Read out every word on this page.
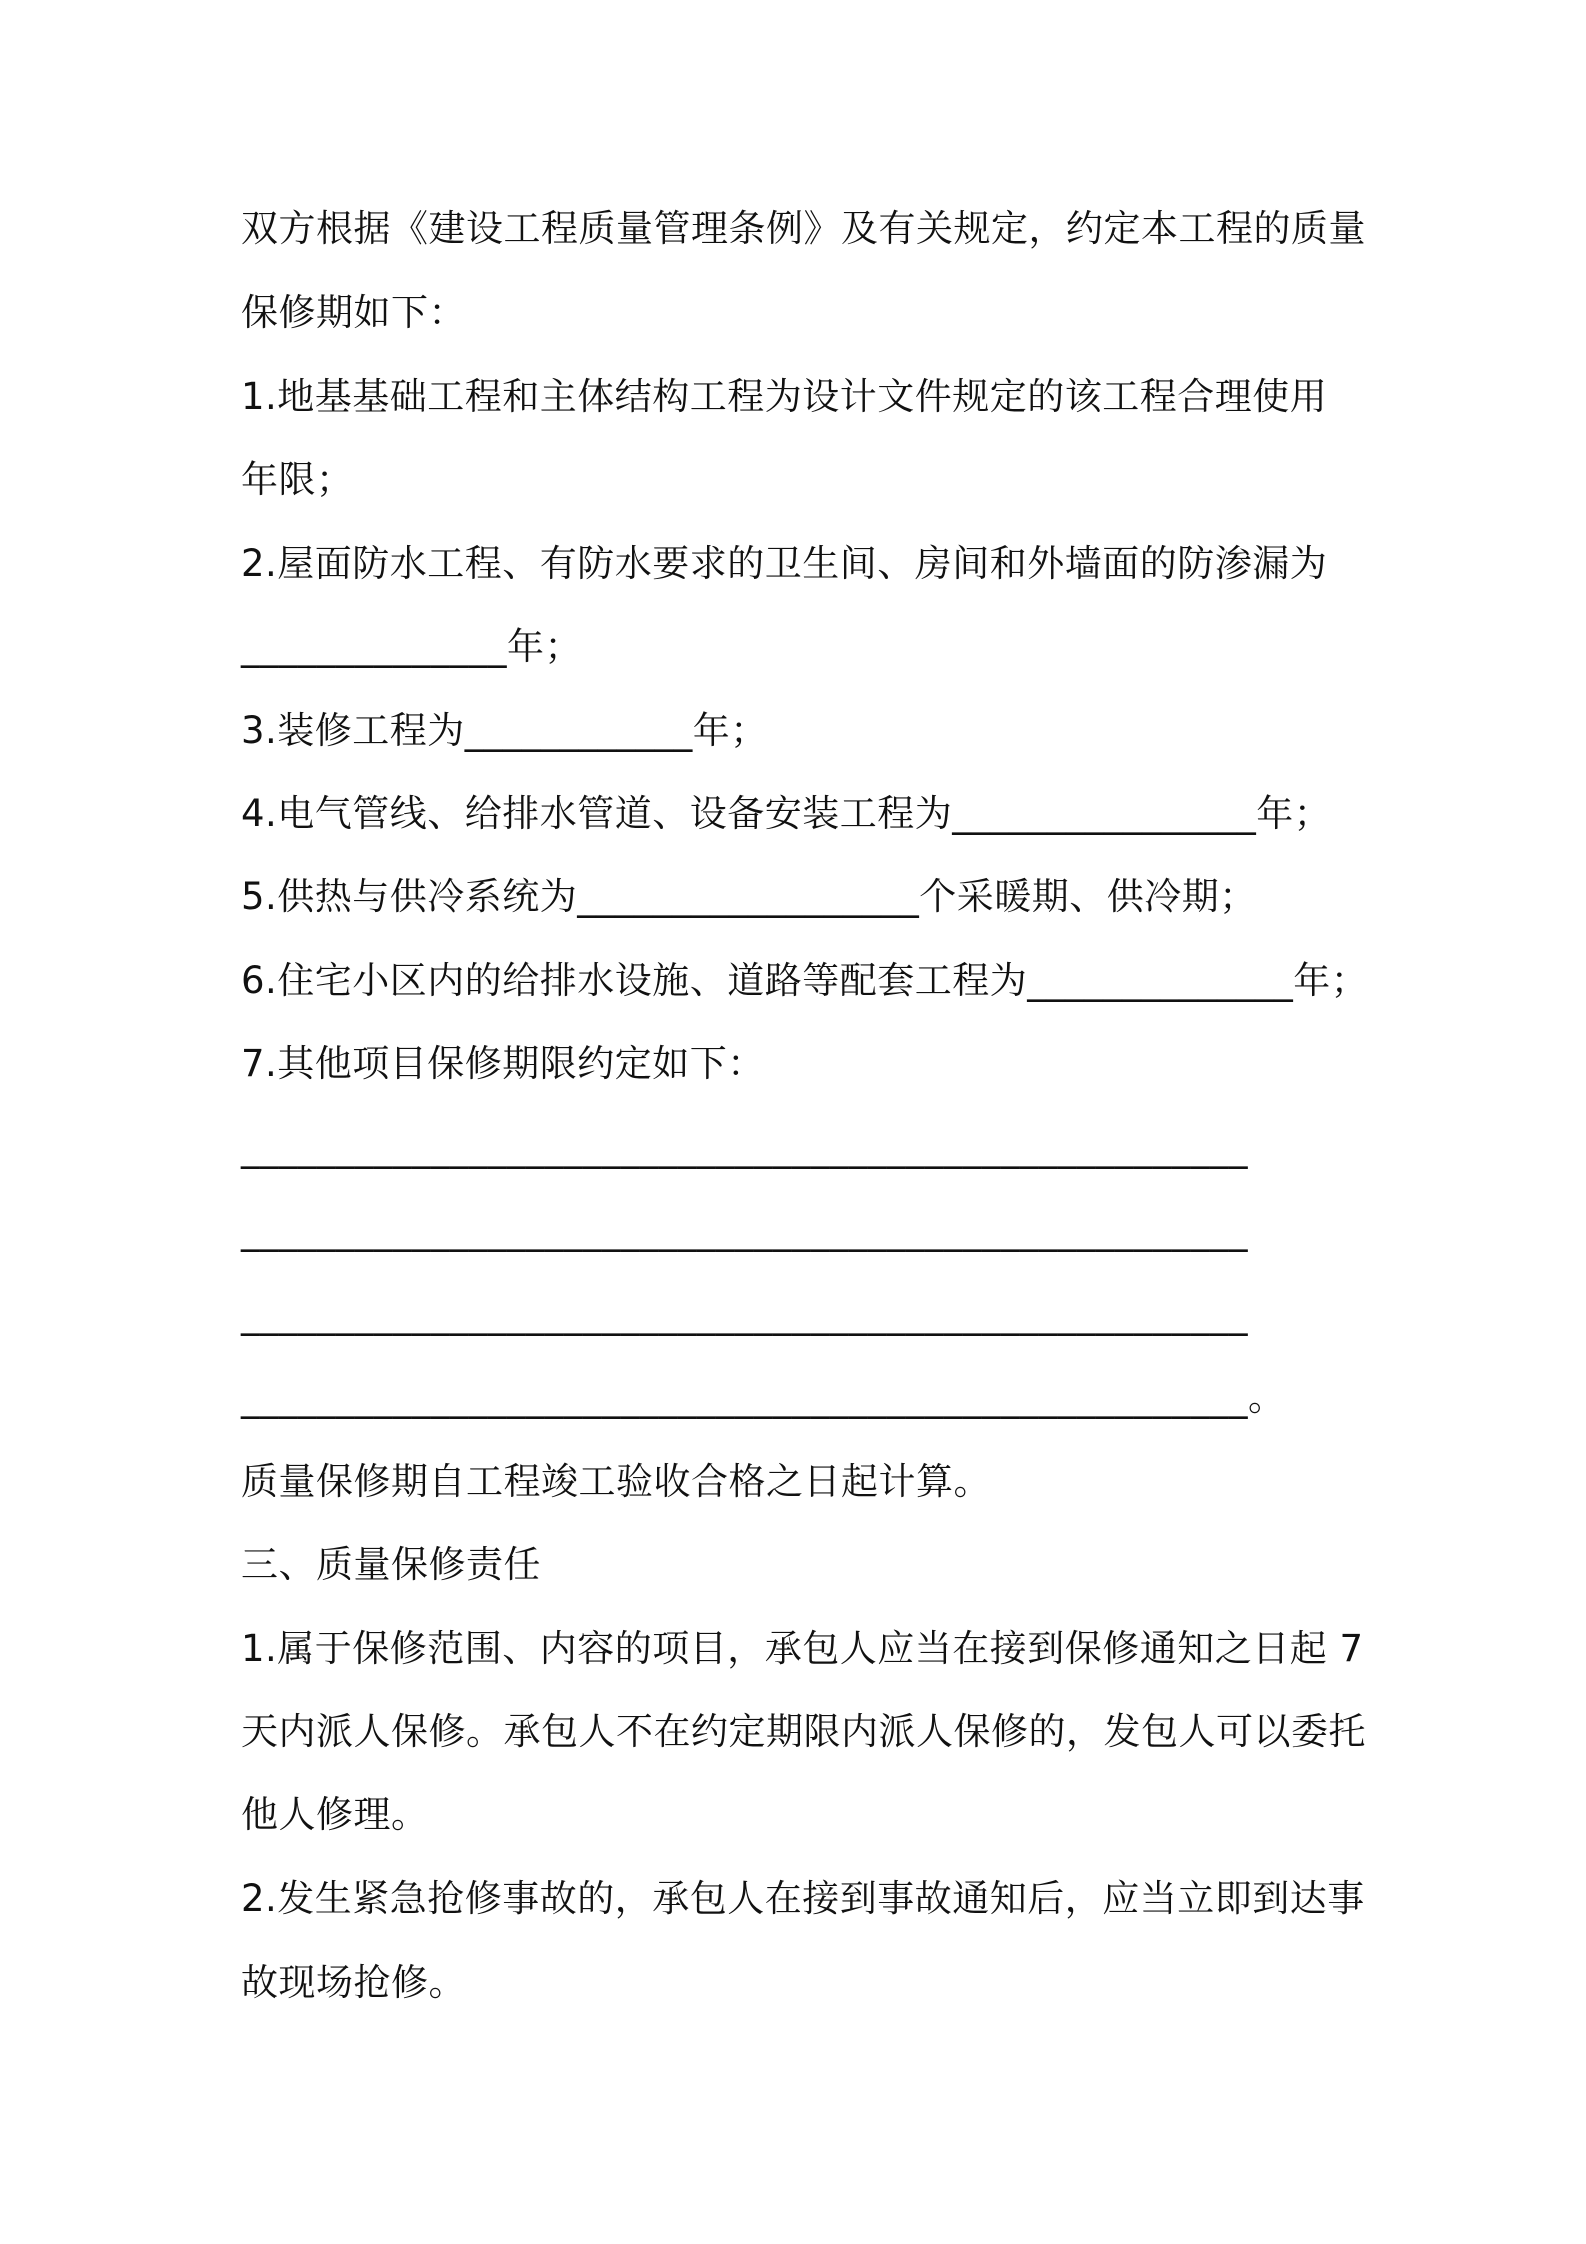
双方根据《建设工程质量管理条例》及有关规定，约定本工程的质量
保修期如下：
1.地基基础工程和主体结构工程为设计文件规定的该工程合理使用
年限；
2.屋面防水工程、有防水要求的卫生间、房间和外墙面的防渗漏为
______________年；
3.装修工程为____________年；
4.电气管线、给排水管道、设备安装工程为________________年；
5.供热与供冷系统为__________________个采暖期、供冷期；
6.住宅小区内的给排水设施、道路等配套工程为______________年；
7.其他项目保修期限约定如下：
_____________________________________________________
_____________________________________________________
_____________________________________________________
_____________________________________________________。
质量保修期自工程竣工验收合格之日起计算。
三、质量保修责任
1.属于保修范围、内容的项目，承包人应当在接到保修通知之日起 7
天内派人保修。承包人不在约定期限内派人保修的，发包人可以委托
他人修理。
2.发生紧急抢修事故的，承包人在接到事故通知后，应当立即到达事
故现场抢修。
